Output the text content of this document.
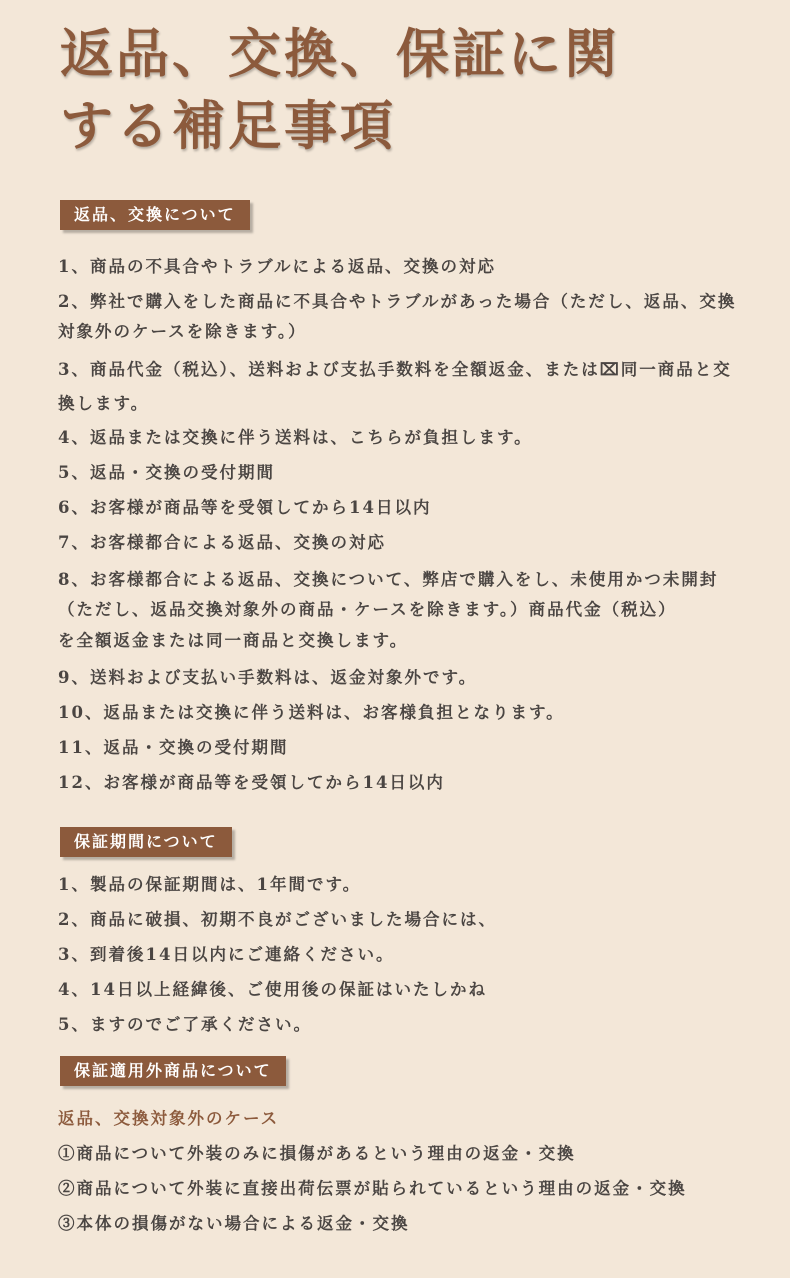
返品、交換、保証に関
する補足事項
返品、交換について
1、商品の不具合やトラブルによる返品、交換の対応
2、弊社で購入をした商品に不具合やトラブルがあった場合（ただし、返品、交換
対象外のケースを除きます。）
3、商品代金（税込）、送料および支払手数料を全額返金、または⌧同一商品と交
換します。
4、返品または交換に伴う送料は、こちらが負担します。
5、返品・交換の受付期間
6、お客様が商品等を受領してから14日以内
7、お客様都合による返品、交換の対応
8、お客様都合による返品、交換について、弊店で購入をし、未使用かつ未開封
（ただし、返品交換対象外の商品・ケースを除きます。）商品代金（税込）
を全額返金または同一商品と交換します。
9、送料および支払い手数料は、返金対象外です。
10、返品または交換に伴う送料は、お客様負担となります。
11、返品・交換の受付期間
12、お客様が商品等を受領してから14日以内
保証期間について
1、製品の保証期間は、1年間です。
2、商品に破損、初期不良がございました場合には、
3、到着後14日以内にご連絡ください。
4、14日以上経緯後、ご使用後の保証はいたしかね
5、ますのでご了承ください。
保証適用外商品について
返品、交換対象外のケース
①商品について外装のみに損傷があるという理由の返金・交換
②商品について外装に直接出荷伝票が貼られているという理由の返金・交換
③本体の損傷がない場合による返金・交換
